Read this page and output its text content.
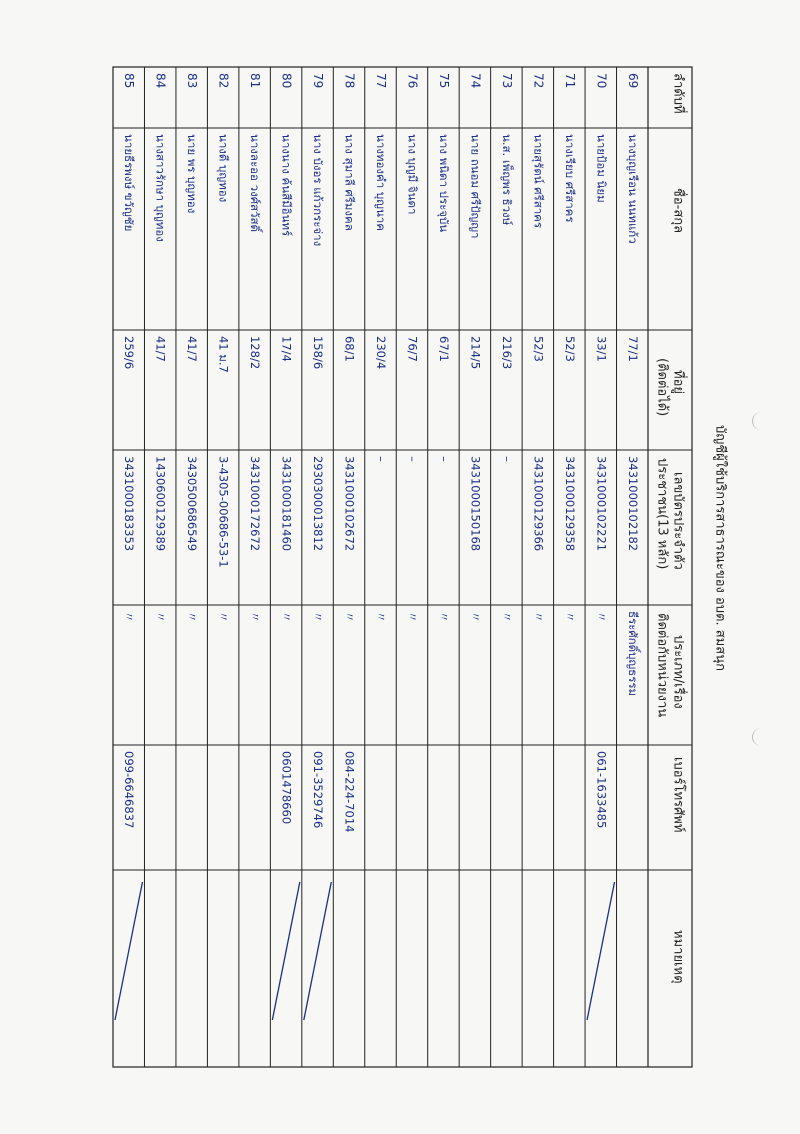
บัญชีผู้ใช้บริการสาธารณะของ อบต. สมสนุก
ลำดับที่
ชื่อ-สกุล
ที่อยู่
(ติดต่อได้)
เลขบัตรประจำตัว
ประชาชน(13 หลัก)
ประเภท/เรื่อง
ติดต่อกับหน่วยงาน
เบอร์โทรศัพท์
หมายเหตุ
69
นางบุญเรือน นนทแก้ว
77/1
3431000102182
ธีระศักดิ์บุญธรรม
70
นายป้อม นิยม
33/1
3431000102221
〃
061-1633485
/
71
นางเรียบ ศรีสาคร
52/3
3431000129358
〃
72
นายสุรัตน์ ศรีสาคร
52/3
3431000129366
〃
73
น.ส. เพ็ญพร ธิวงษ์
216/3
–
〃
74
นาย ถนอม ศรีปัญญา
214/5
3431000150168
〃
75
นาง พนิดา ประจุบัน
67/1
–
〃
76
นาง บุญมี จินดา
76/7
–
〃
77
นางทองคำ บุญนาค
230/4
–
〃
78
นาง สุมาลี ศรีมงคล
68/1
3431000102672
〃
084-224-7014
79
นาง บังอร แก้วกระจ่าง
158/6
2930300013812
〃
091-3529746
/
80
นางนาง ค้นสีมีอินทร์
17/4
3431000181460
〃
0601478660
/
81
นางละออ วงศ์สวัสดิ์
128/2
3431000172672
〃
82
นางดี บุญทอง
41 ม.7
3-4305-00686-53-1
〃
83
นาย พร บุญทอง
41/7
3430500686549
〃
84
นางสาวรักษา บุญทอง
41/7
1430600129389
〃
85
นายธีรพงษ์ ขวัญชัย
259/6
3431000183353
〃
099-6646837
/
